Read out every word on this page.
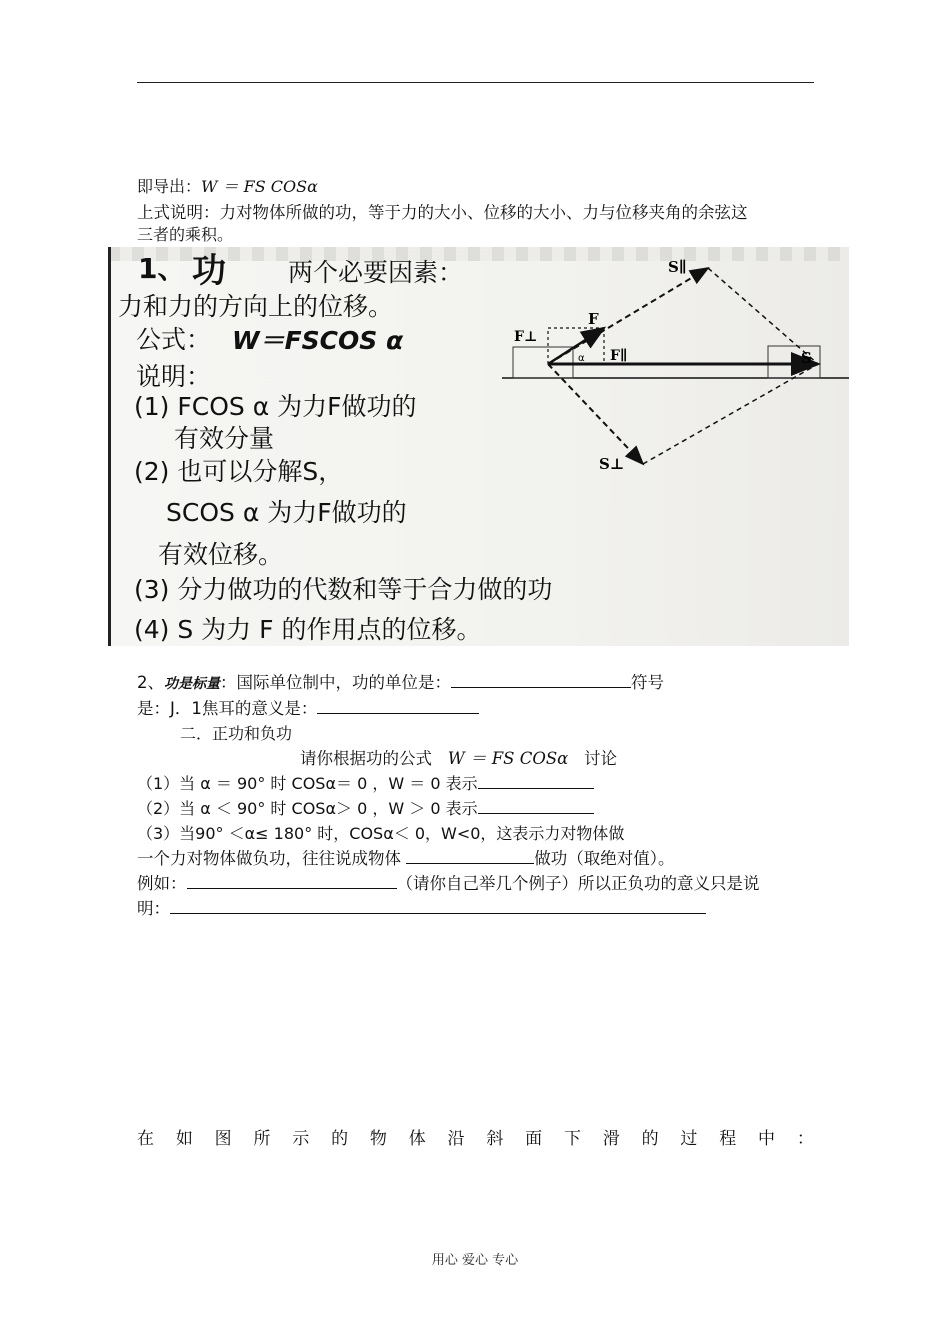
即导出：W ＝ FS COSα
上式说明：力对物体所做的功，等于力的大小、位移的大小、力与位移夹角的余弦这
三者的乘积。
1、 功 两个必要因素：
力和力的方向上的位移。
公式： W＝FSCOS α
说明：
(1) FCOS α 为力F做功的
有效分量
(2) 也可以分解S，
SCOS α 为力F做功的
有效位移。
(3) 分力做功的代数和等于合力做的功
(4) S 为力 F 的作用点的位移。
S∥
S⊥
F
F⊥
F∥	S
α
2、功是标量：国际单位制中，功的单位是：	符号
是：J．1焦耳的意义是：
二．正功和负功
请你根据功的公式 W ＝ FS COSα 讨论
（1）当 α ＝ 90° 时 COSα＝ 0 ，W ＝ 0 表示
（2）当 α ＜ 90° 时 COSα＞ 0 ，W ＞ 0 表示
（3）当90° ＜α≤ 180° 时，COSα＜ 0，W<0，这表示力对物体做
一个力对物体做负功，往往说成物体	做功（取绝对值）。
例如：	（请你自己举几个例子）所以正负功的意义只是说
明：
在 如 图 所 示 的 物 体 沿 斜 面 下 滑 的 过 程 中 ：
用心 爱心 专心
